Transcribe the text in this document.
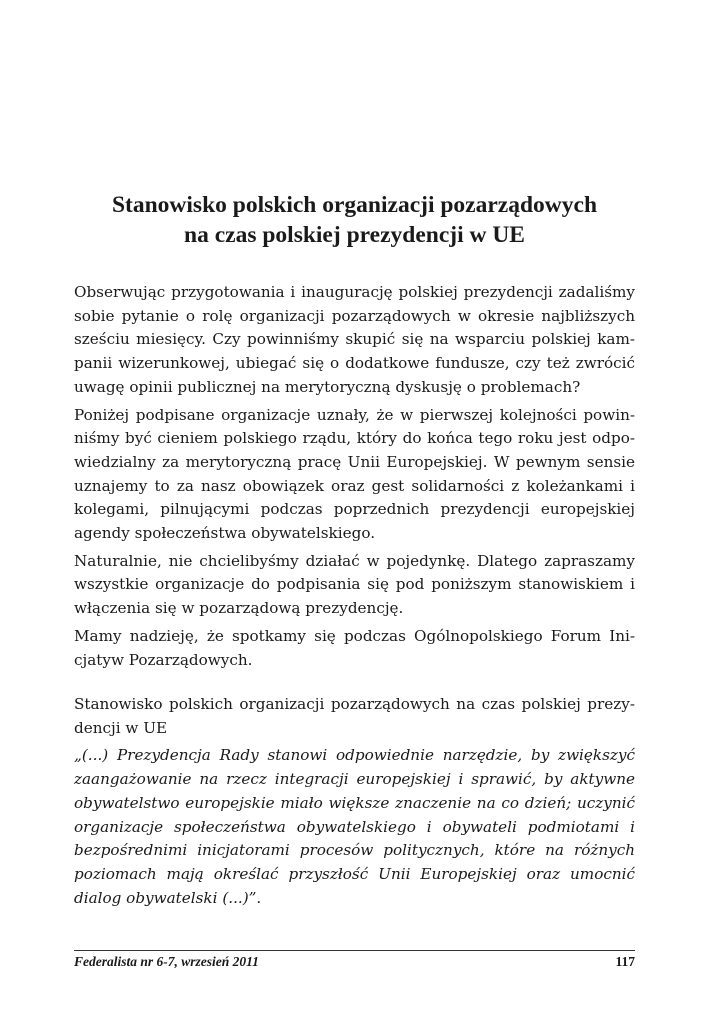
Stanowisko polskich organizacji pozarządowych
na czas polskiej prezydencji w UE

Obserwując przygotowania i inaugurację polskiej prezydencji zadaliśmy sobie pytanie o rolę organizacji pozarządowych w okresie najbliższych sześciu miesięcy. Czy powinniśmy skupić się na wsparciu polskiej kampanii wizerunkowej, ubiegać się o dodatkowe fundusze, czy też zwrócić uwagę opinii publicznej na merytoryczną dyskusję o problemach?

Poniżej podpisane organizacje uznały, że w pierwszej kolejności powinniśmy być cieniem polskiego rządu, który do końca tego roku jest odpowiedzialny za merytoryczną pracę Unii Europejskiej. W pewnym sensie uznajemy to za nasz obowiązek oraz gest solidarności z koleżankami i kolegami, pilnującymi podczas poprzednich prezydencji europejskiej agendy społeczeństwa obywatelskiego.

Naturalnie, nie chcielibyśmy działać w pojedynkę. Dlatego zapraszamy wszystkie organizacje do podpisania się pod poniższym stanowiskiem i włączenia się w pozarządową prezydencję.

Mamy nadzieję, że spotkamy się podczas Ogólnopolskiego Forum Inicjatyw Pozarządowych.

Stanowisko polskich organizacji pozarządowych na czas polskiej prezydencji w UE

„(...) Prezydencja Rady stanowi odpowiednie narzędzie, by zwiększyć zaangażowanie na rzecz integracji europejskiej i sprawić, by aktywne obywatelstwo europejskie miało większe znaczenie na co dzień; uczynić organizacje społeczeństwa obywatelskiego i obywateli podmiotami i bezpośrednimi inicjatorami procesów politycznych, które na różnych poziomach mają określać przyszłość Unii Europejskiej oraz umocnić dialog obywatelski (...)”.

Federalista nr 6-7, wrzesień 2011	117
